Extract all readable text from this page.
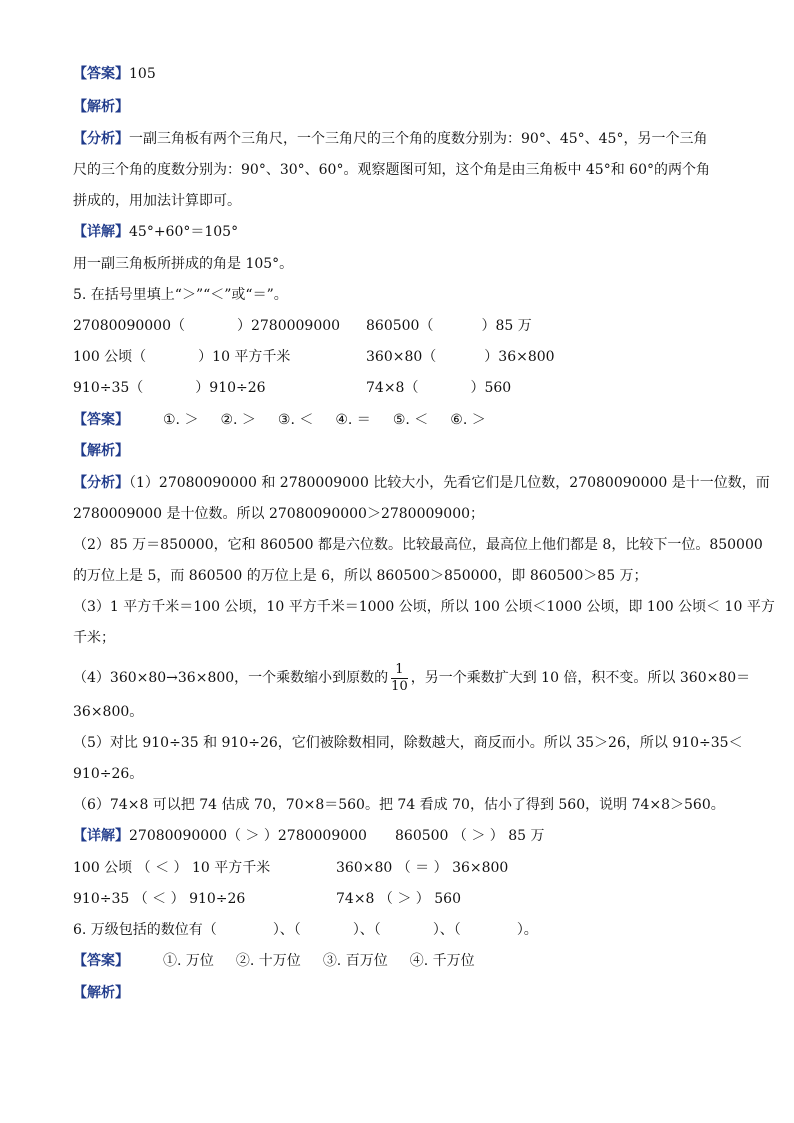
【答案】105
【解析】
【分析】一副三角板有两个三角尺，一个三角尺的三个角的度数分别为：90°、45°、45°，另一个三角
尺的三个角的度数分别为：90°、30°、60°。观察题图可知，这个角是由三角板中 45°和 60°的两个角
拼成的，用加法计算即可。
【详解】45°+60°＝105°
用一副三角板所拼成的角是 105°。
5. 在括号里填上“＞”“＜”或“＝”。
27080090000（	）2780009000 860500（	）85 万
100 公顷（	）10 平方千米	360×80（	）36×800
910÷35（	）910÷26	74×8（	）560
【答案】 ①. ＞ ②. ＞ ③. ＜ ④. ＝ ⑤. ＜ ⑥. ＞
【解析】
【分析】（1）27080090000 和 2780009000 比较大小，先看它们是几位数，27080090000 是十一位数，而
2780009000 是十位数。所以 27080090000＞2780009000；
（2）85 万＝850000，它和 860500 都是六位数。比较最高位，最高位上他们都是 8，比较下一位。850000
的万位上是 5，而 860500 的万位上是 6，所以 860500＞850000，即 860500＞85 万；
（3）1 平方千米＝100 公顷，10 平方千米＝1000 公顷，所以 100 公顷＜1000 公顷，即 100 公顷＜ 10 平方
千米；
（4）360×80→36×800，一个乘数缩小到原数的 $\frac{1}{10}$ ，另一个乘数扩大到 10 倍，积不变。所以 360×80＝
36×800。
（5）对比 910÷35 和 910÷26，它们被除数相同，除数越大，商反而小。所以 35＞26，所以 910÷35＜
910÷26。
（6）74×8 可以把 74 估成 70，70×8＝560。把 74 看成 70，估小了得到 560，说明 74×8＞560。
【详解】27080090000（ ＞ ）2780009000 860500 （ ＞ ） 85 万
100 公顷 （ ＜ ） 10 平方千米	360×80 （ ＝ ） 36×800
910÷35 （ ＜ ） 910÷26	74×8 （ ＞ ） 560
6. 万级包括的数位有（	）、（	）、（	）、（	）。
【答案】 ①. 万位 ②. 十万位 ③. 百万位 ④. 千万位
【解析】
